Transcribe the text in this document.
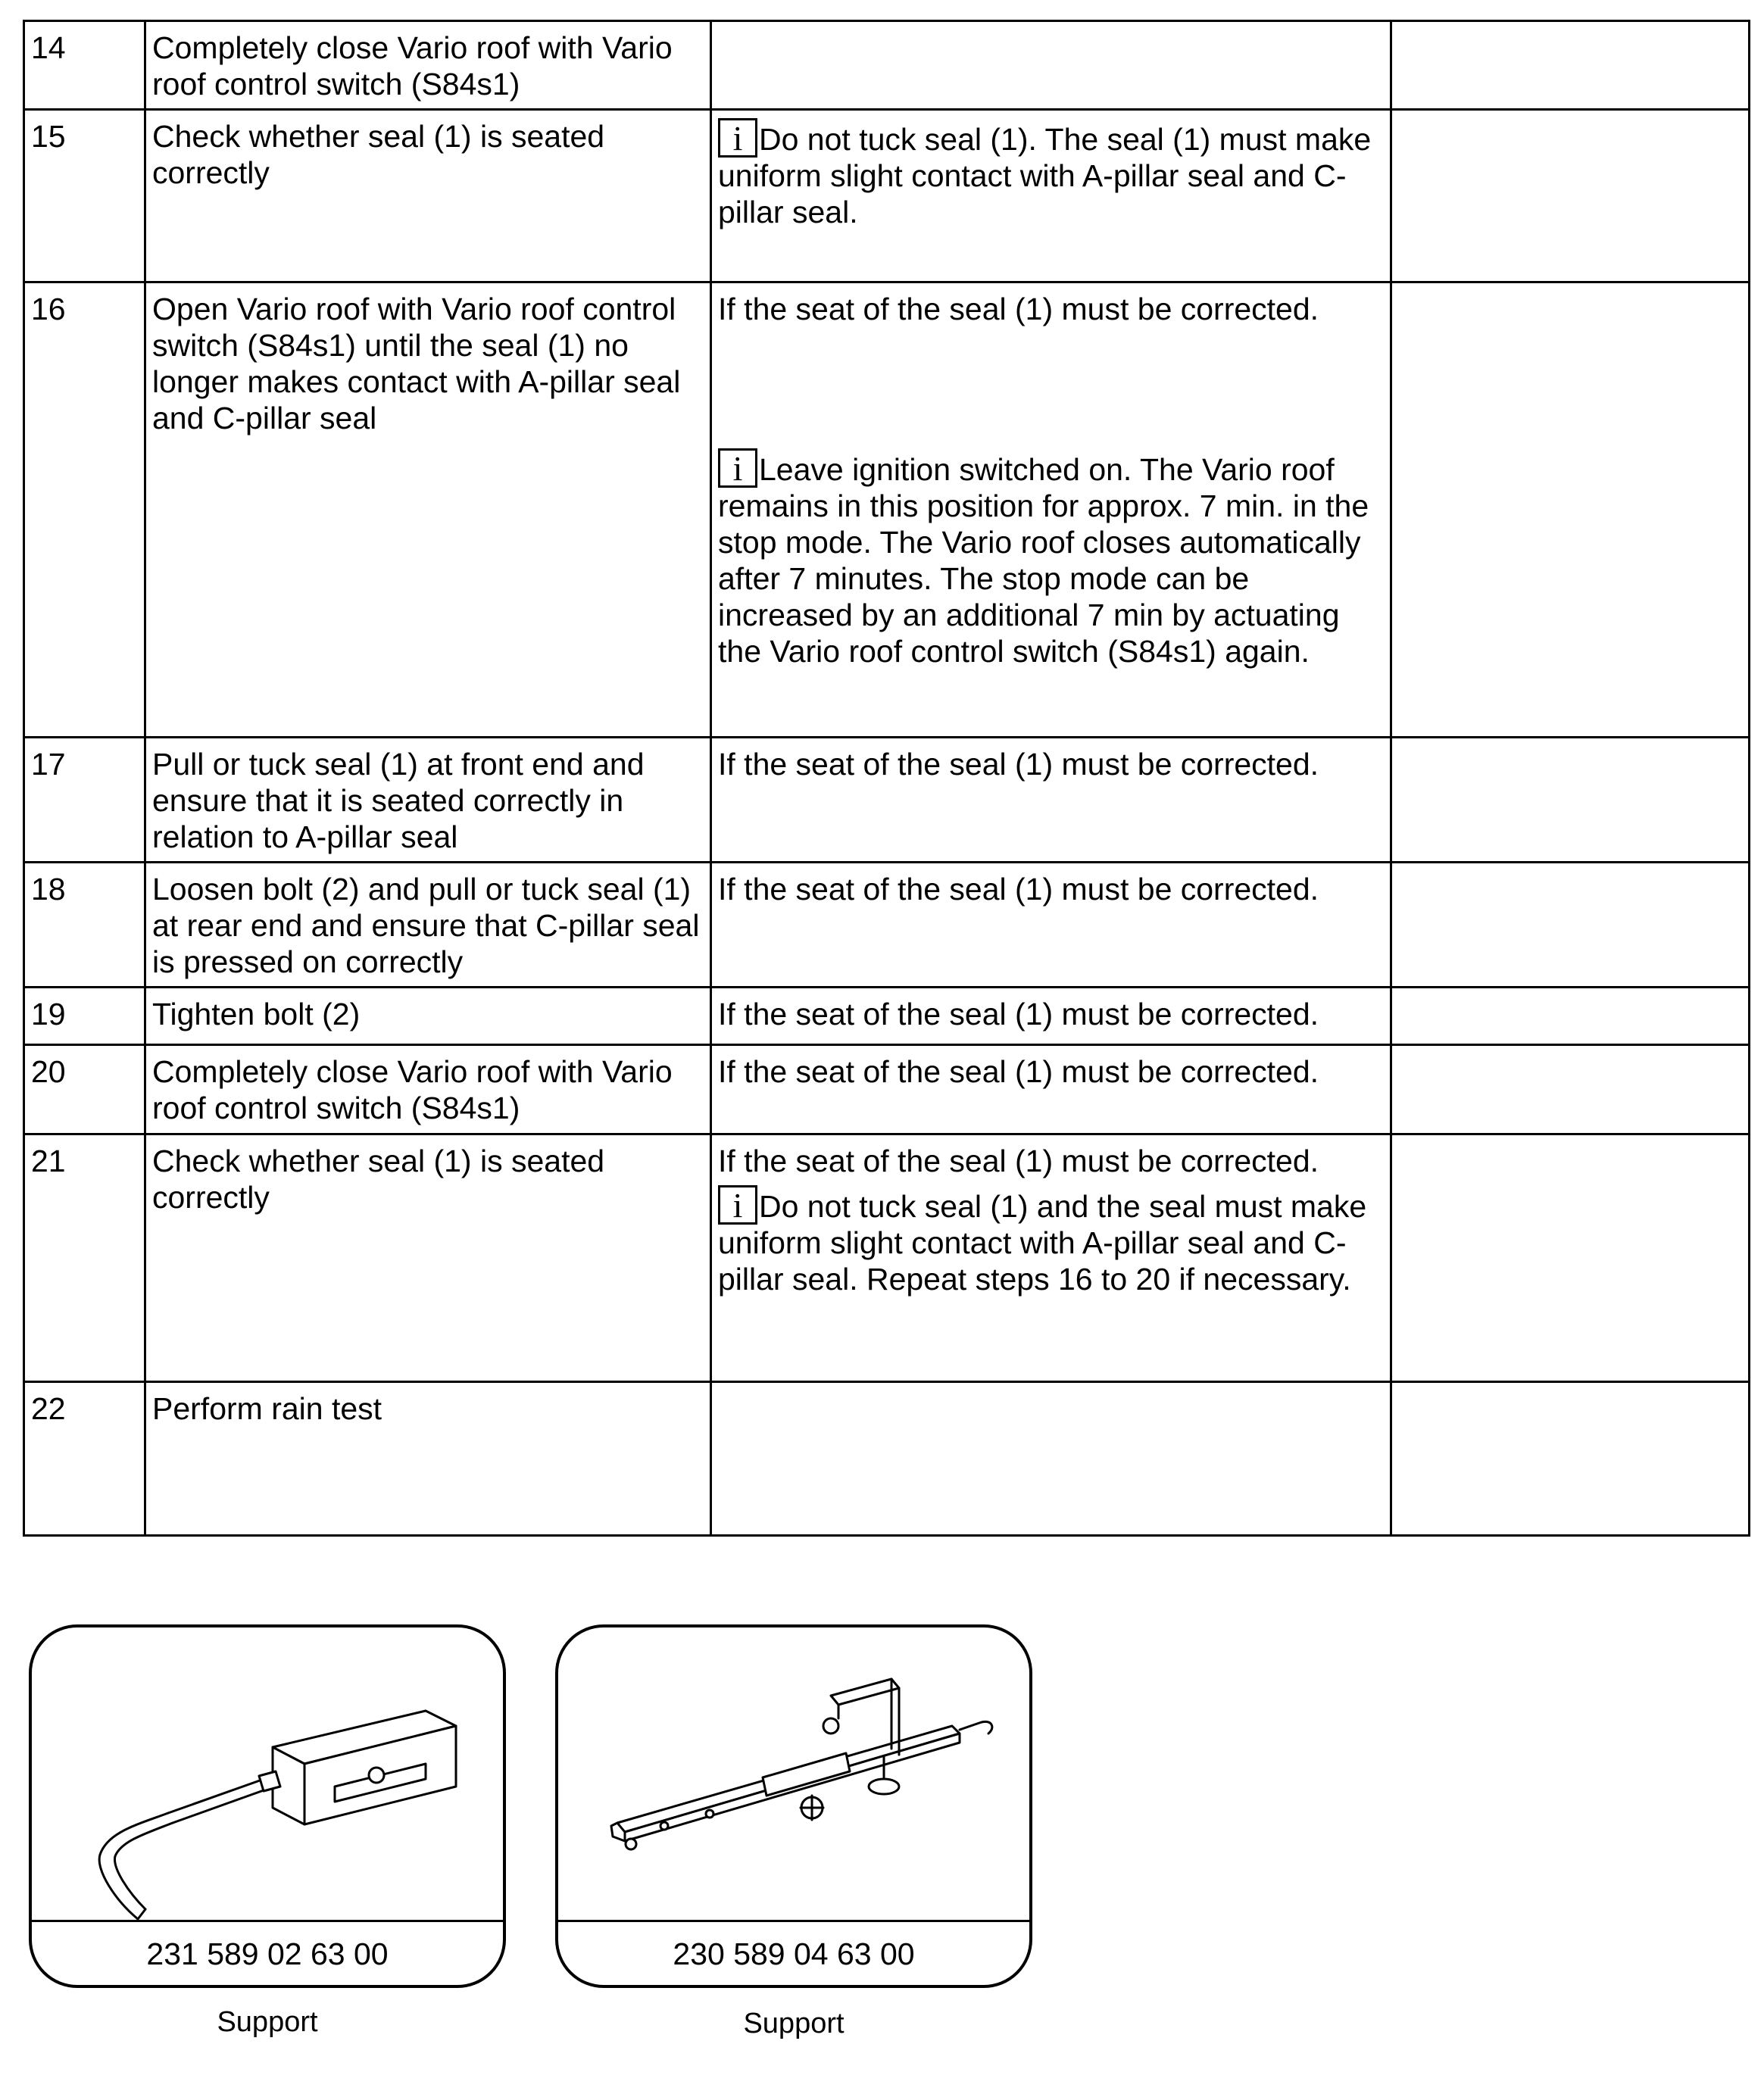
14	Completely close Vario roof with Vario roof control switch (S84s1)		
15	Check whether seal (1) is seated correctly	i Do not tuck seal (1). The seal (1) must make uniform slight contact with A-pillar seal and C-pillar seal.	

16	Open Vario roof with Vario roof control switch (S84s1) until the seal (1) no longer makes contact with A-pillar seal and C-pillar seal	If the seat of the seal (1) must be corrected.
i Leave ignition switched on. The Vario roof remains in this position for approx. 7 min. in the stop mode. The Vario roof closes automatically after 7 minutes. The stop mode can be increased by an additional 7 min by actuating the Vario roof control switch (S84s1) again.	

17	Pull or tuck seal (1) at front end and ensure that it is seated correctly in relation to A-pillar seal	If the seat of the seal (1) must be corrected.	
18	Loosen bolt (2) and pull or tuck seal (1) at rear end and ensure that C-pillar seal is pressed on correctly	If the seat of the seal (1) must be corrected.	
19	Tighten bolt (2)	If the seat of the seal (1) must be corrected.	
20	Completely close Vario roof with Vario roof control switch (S84s1)	If the seat of the seal (1) must be corrected.	
21	Check whether seal (1) is seated correctly	If the seat of the seal (1) must be corrected.
i Do not tuck seal (1) and the seal must make uniform slight contact with A-pillar seal and C-pillar seal. Repeat steps 16 to 20 if necessary.	

22	Perform rain test		
231 589 02 63 00
Support
230 589 04 63 00
Support
